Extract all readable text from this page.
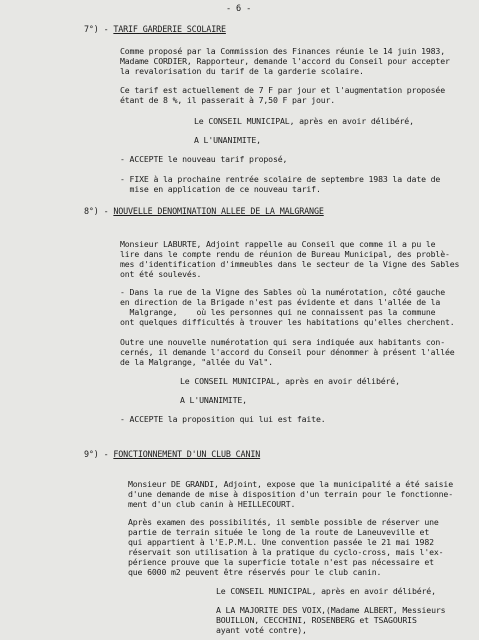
- 6 -

7°) - TARIF GARDERIE SCOLAIRE

Comme proposé par la Commission des Finances réunie le 14 juin 1983,

Madame CORDIER, Rapporteur, demande l'accord du Conseil pour accepter

la revalorisation du tarif de la garderie scolaire.

Ce tarif est actuellement de 7 F par jour et l'augmentation proposée

étant de 8 %, il passerait à 7,50 F par jour.

Le CONSEIL MUNICIPAL, après en avoir délibéré,

A L'UNANIMITE,

- ACCEPTE le nouveau tarif proposé,

- FIXE à la prochaine rentrée scolaire de septembre 1983 la date de

mise en application de ce nouveau tarif.

8°) - NOUVELLE DENOMINATION ALLEE DE LA MALGRANGE

Monsieur LABURTE, Adjoint rappelle au Conseil que comme il a pu le

lire dans le compte rendu de réunion de Bureau Municipal, des problè-

mes d'identification d'immeubles dans le secteur de la Vigne des Sables

ont été soulevés.

- Dans la rue de la Vigne des Sables où la numérotation, côté gauche

en direction de la Brigade n'est pas évidente et dans l'allée de la

Malgrange,    où les personnes qui ne connaissent pas la commune

ont quelques difficultés à trouver les habitations qu'elles cherchent.

Outre une nouvelle numérotation qui sera indiquée aux habitants con-

cernés, il demande l'accord du Conseil pour dénommer à présent l'allée

de la Malgrange, "allée du Val".

Le CONSEIL MUNICIPAL, après en avoir délibéré,

A L'UNANIMITE,

- ACCEPTE la proposition qui lui est faite.

9°) - FONCTIONNEMENT D'UN CLUB CANIN

Monsieur DE GRANDI, Adjoint, expose que la municipalité a été saisie

d'une demande de mise à disposition d'un terrain pour le fonctionne-

ment d'un club canin à HEILLECOURT.

Après examen des possibilités, il semble possible de réserver une

partie de terrain située le long de la route de Laneuveville et

qui appartient à l'E.P.M.L. Une convention passée le 21 mai 1982

réservait son utilisation à la pratique du cyclo-cross, mais l'ex-

périence prouve que la superficie totale n'est pas nécessaire et

que 6000 m2 peuvent être réservés pour le club canin.

Le CONSEIL MUNICIPAL, après en avoir délibéré,

A LA MAJORITE DES VOIX,(Madame ALBERT, Messieurs

BOUILLON, CECCHINI, ROSENBERG et TSAGOURIS

ayant voté contre),
